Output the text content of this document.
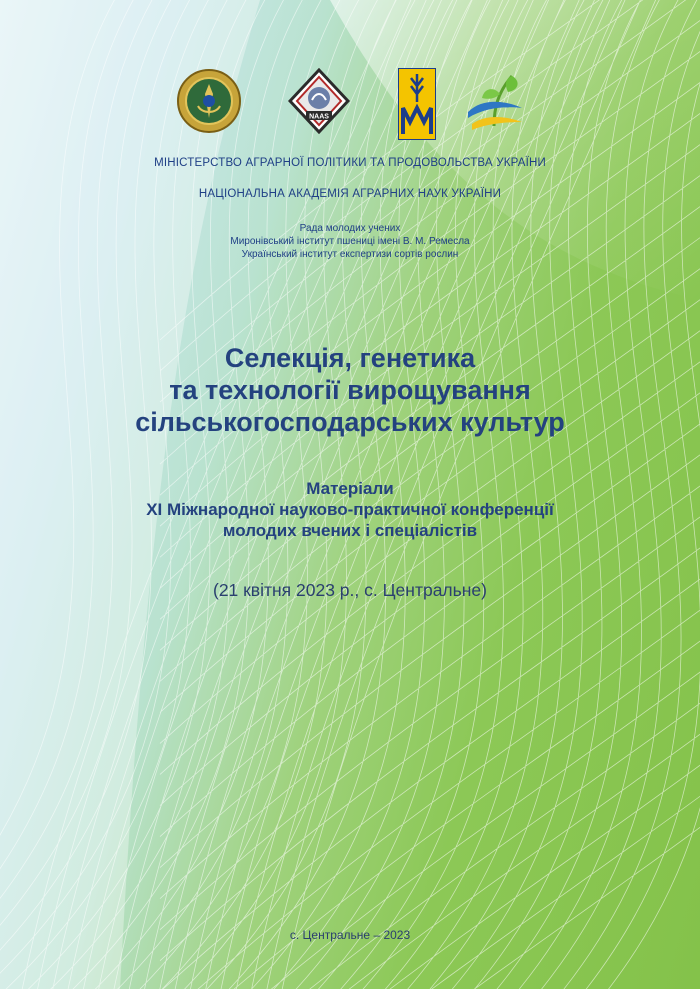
NAAS
МІНІСТЕРСТВО АГРАРНОЇ ПОЛІТИКИ ТА ПРОДОВОЛЬСТВА УКРАЇНИ
НАЦІОНАЛЬНА АКАДЕМІЯ АГРАРНИХ НАУК УКРАЇНИ
Рада молодих учених
Миронівський інститут пшениці імені В. М. Ремесла
Український інститут експертизи сортів рослин
Селекція, генетика
та технології вирощування
сільськогосподарських культур
Матеріали
XI Міжнародної науково-практичної конференції
молодих вчених і спеціалістів
(21 квітня 2023 р., с. Центральне)
с. Центральне – 2023
